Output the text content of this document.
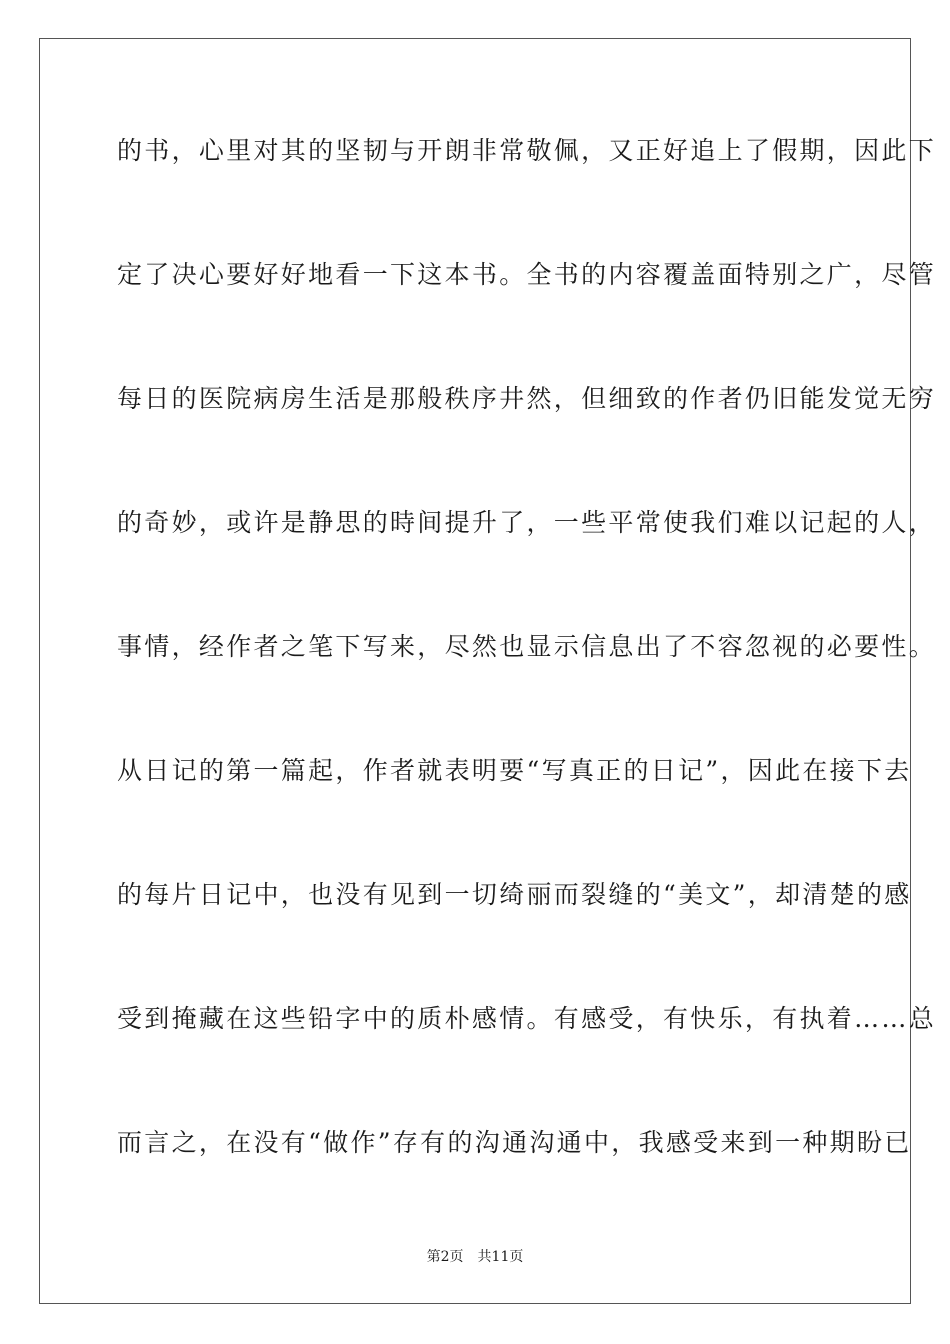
的书，心里对其的坚韧与开朗非常敬佩，又正好追上了假期，因此下
定了决心要好好地看一下这本书。全书的内容覆盖面特别之广，尽管
每日的医院病房生活是那般秩序井然，但细致的作者仍旧能发觉无穷
的奇妙，或许是静思的時间提升了，一些平常使我们难以记起的人，
事情，经作者之笔下写来，尽然也显示信息出了不容忽视的必要性。
从日记的第一篇起，作者就表明要“写真正的日记”，因此在接下去
的每片日记中，也没有见到一切绮丽而裂缝的“美文”，却清楚的感
受到掩藏在这些铅字中的质朴感情。有感受，有快乐，有执着……总
而言之，在没有“做作”存有的沟通沟通中，我感受来到一种期盼已
第2页 共11页
